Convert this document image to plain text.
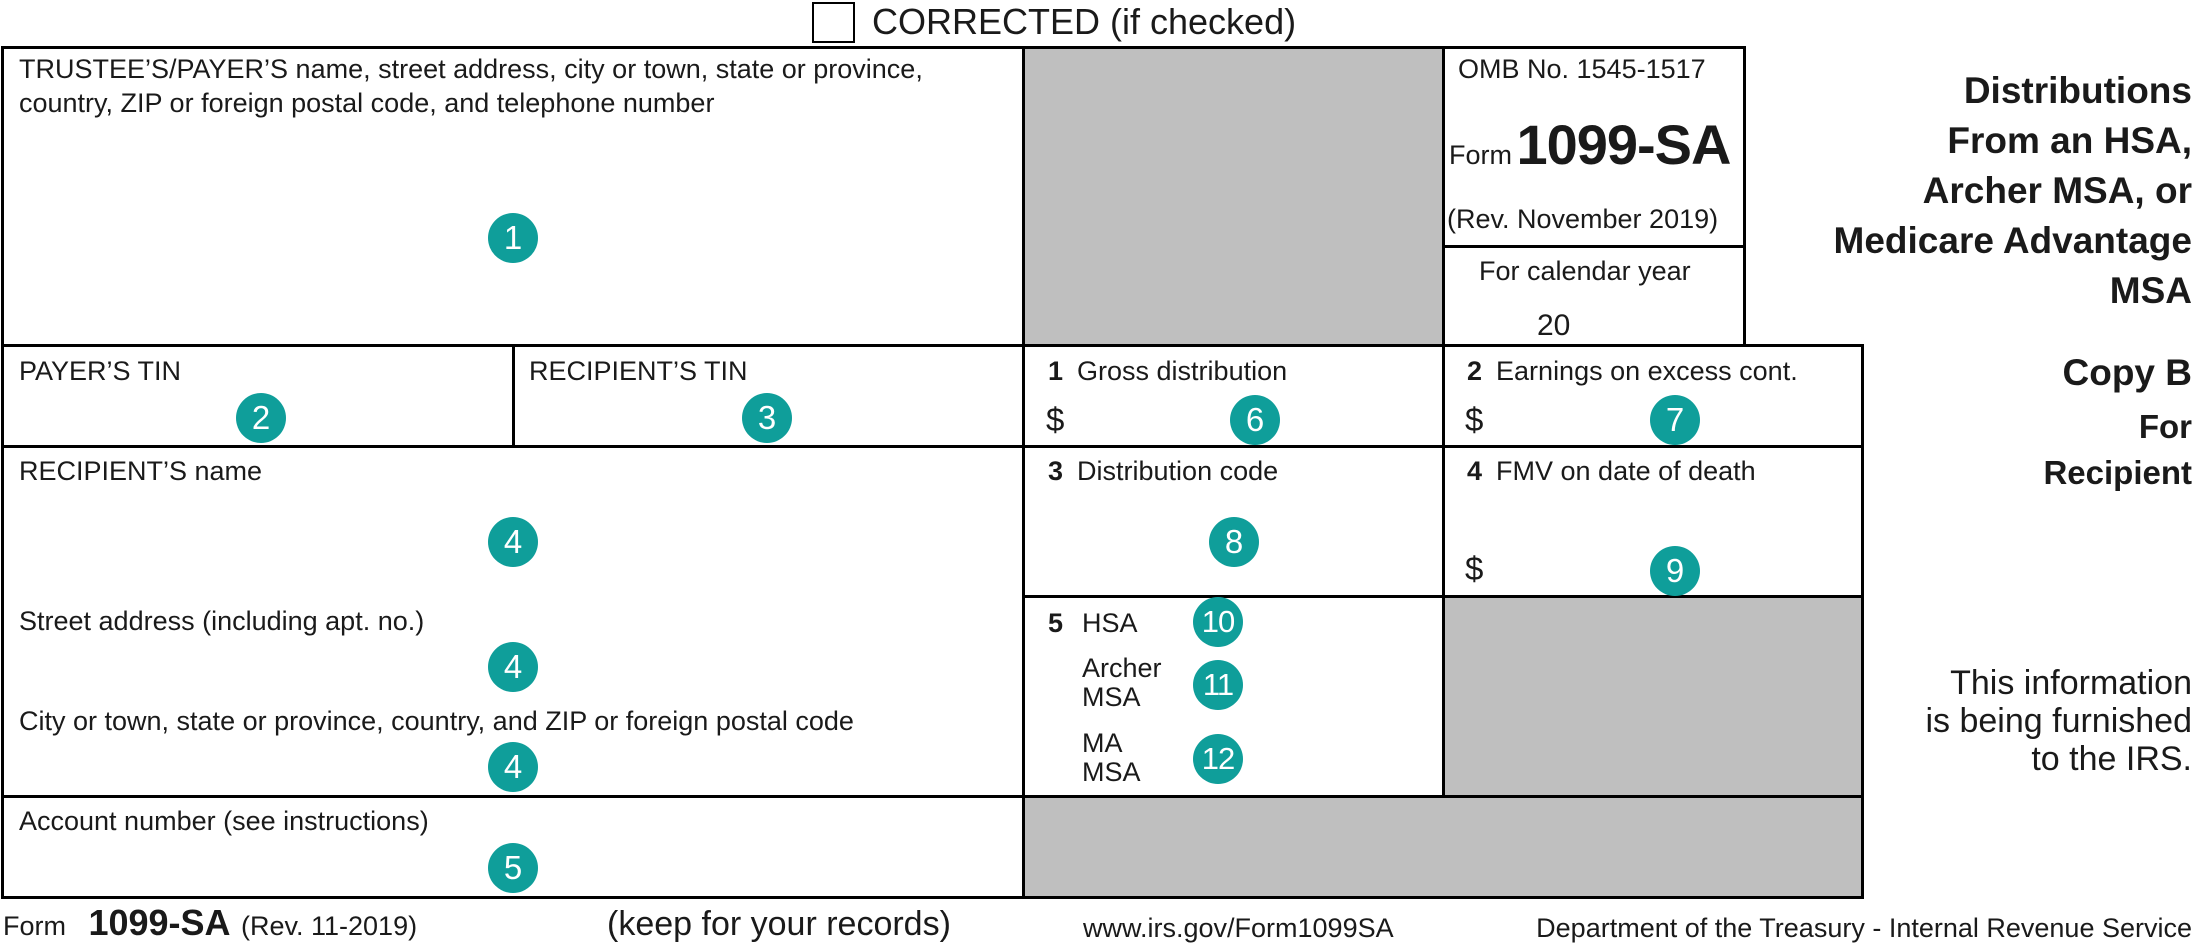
CORRECTED (if checked)
TRUSTEE’S/PAYER’S name, street address, city or town, state or province, country, ZIP or foreign postal code, and telephone number
1
OMB No. 1545-1517
Form 1099-SA
(Rev. November 2019)
For calendar year
20
Distributions
From an HSA,
Archer MSA, or
Medicare Advantage
MSA
Copy B
For
Recipient
This information
is being furnished
to the IRS.
PAYER’S TIN
2
RECIPIENT’S TIN
3
1 Gross distribution
$	6
2 Earnings on excess cont.
$	7
RECIPIENT’S name
4
3 Distribution code
8
4 FMV on date of death
$	9
Street address (including apt. no.)
4
City or town, state or province, country, and ZIP or foreign postal code
4
5 HSA 10
Archer
MSA	11
MA
MSA 12
Account number (see instructions)
5
Form 1099-SA (Rev. 11-2019)	(keep for your records)	www.irs.gov/Form1099SA	Department of the Treasury - Internal Revenue Service
